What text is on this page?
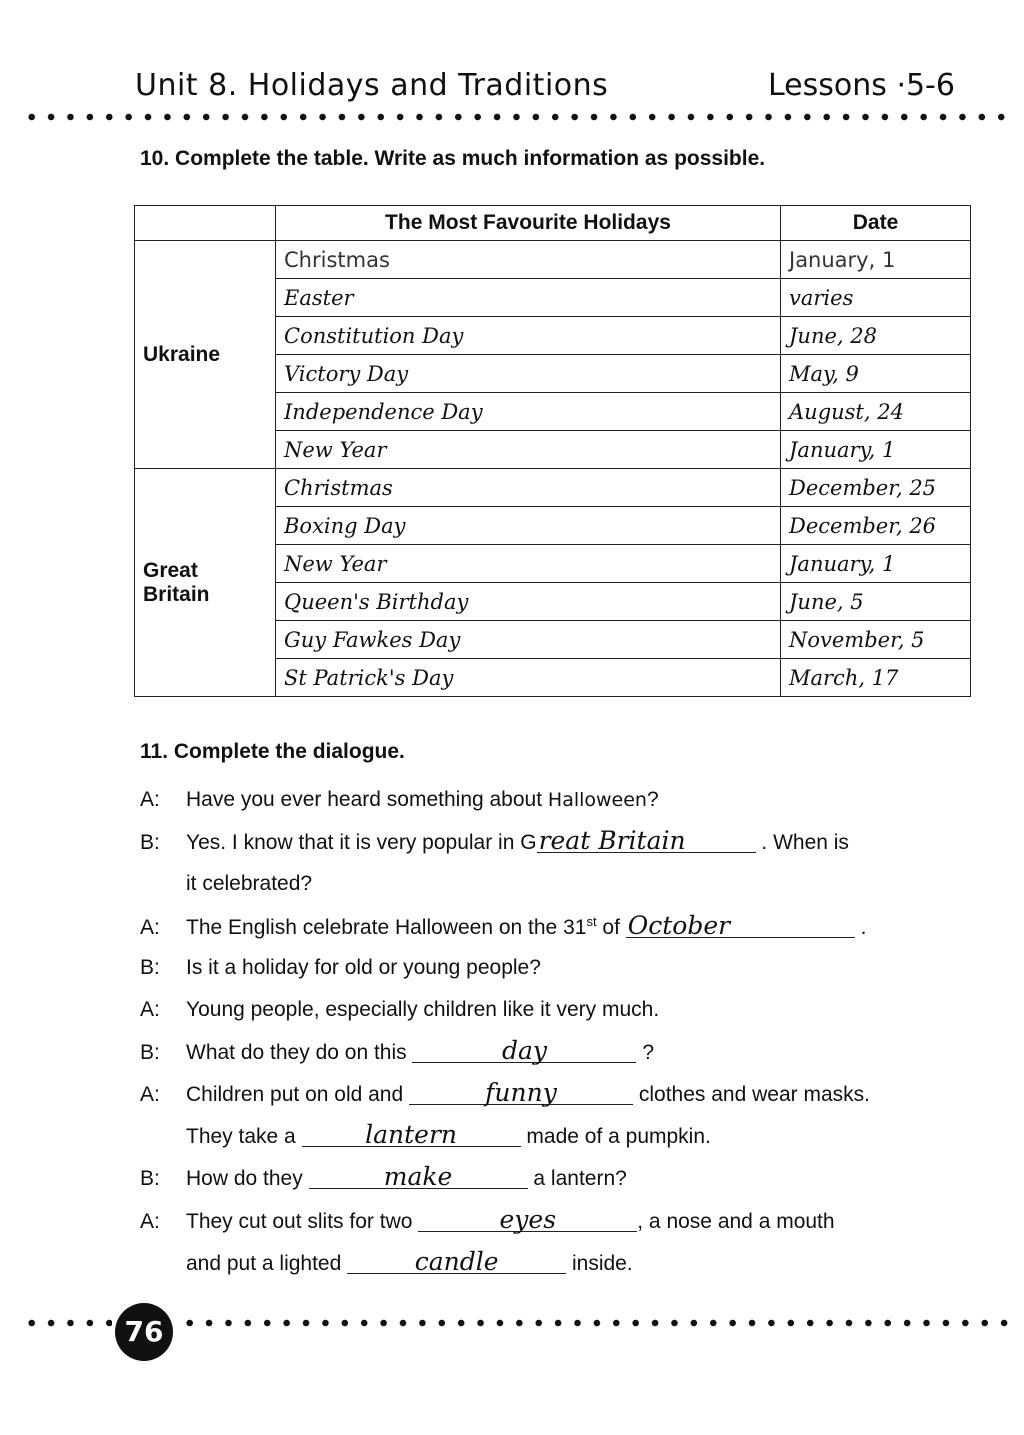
Unit 8. Holidays and Traditions	Lessons ·5-6
10. Complete the table. Write as much information as possible.
	The Most Favourite Holidays	Date
Ukraine	Christmas	January, 1
	Easter	varies
	Constitution Day	June, 28
	Victory Day	May, 9
	Independence Day	August, 24
	New Year	January, 1
Great Britain	Christmas	December, 25
	Boxing Day	December, 26
	New Year	January, 1
	Queen's Birthday	June, 5
	Guy Fawkes Day	November, 5
	St Patrick's Day	March, 17
11. Complete the dialogue.
A: Have you ever heard something about Halloween?
B: Yes. I know that it is very popular in Great Britain	. When is
it celebrated?
A: The English celebrate Halloween on the 31st of October	.
B: Is it a holiday for old or young people?
A: Young people, especially children like it very much.
B: What do they do on this	day	?
A: Children put on old and	funny	clothes and wear masks.
They take a	lantern	made of a pumpkin.
B: How do they	make	a lantern?
A: They cut out slits for two	eyes	, a nose and a mouth
and put a lighted	candle	inside.
76
